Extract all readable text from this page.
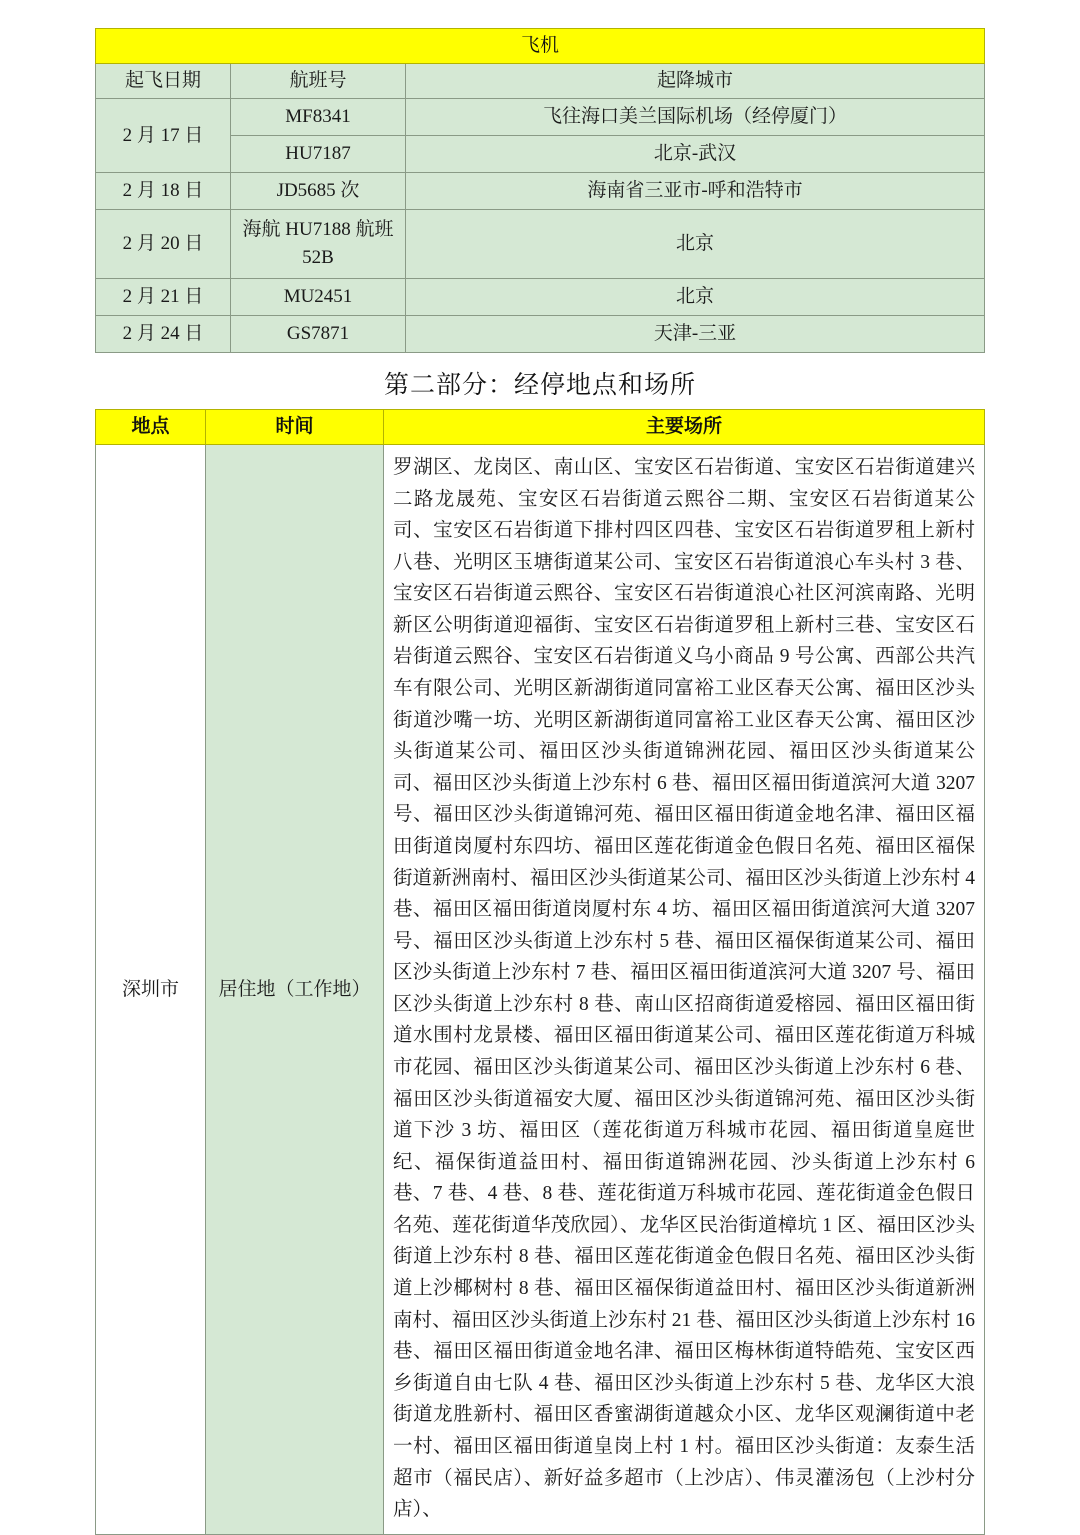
飞机		
起飞日期	航班号	起降城市
2 月 17 日	MF8341	飞往海口美兰国际机场（经停厦门）
	HU7187	北京-武汉
2 月 18 日	JD5685 次	海南省三亚市-呼和浩特市
2 月 20 日	海航 HU7188 航班 52B	北京
2 月 21 日	MU2451	北京
2 月 24 日	GS7871	天津-三亚
第二部分：经停地点和场所
地点	时间	主要场所
深圳市	居住地（工作地）	罗湖区、龙岗区、南山区、宝安区石岩街道、宝安区石岩街道建兴二路龙晟苑、宝安区石岩街道云熙谷二期、宝安区石岩街道某公司、宝安区石岩街道下排村四区四巷、宝安区石岩街道罗租上新村八巷、光明区玉塘街道某公司、宝安区石岩街道浪心车头村 3 巷、宝安区石岩街道云熙谷、宝安区石岩街道浪心社区河滨南路、光明新区公明街道迎福街、宝安区石岩街道罗租上新村三巷、宝安区石岩街道云熙谷、宝安区石岩街道义乌小商品 9 号公寓、西部公共汽车有限公司、光明区新湖街道同富裕工业区春天公寓、福田区沙头街道沙嘴一坊、光明区新湖街道同富裕工业区春天公寓、福田区沙头街道某公司、福田区沙头街道锦洲花园、福田区沙头街道某公司、福田区沙头街道上沙东村 6 巷、福田区福田街道滨河大道 3207 号、福田区沙头街道锦河苑、福田区福田街道金地名津、福田区福田街道岗厦村东四坊、福田区莲花街道金色假日名苑、福田区福保街道新洲南村、福田区沙头街道某公司、福田区沙头街道上沙东村 4 巷、福田区福田街道岗厦村东 4 坊、福田区福田街道滨河大道 3207 号、福田区沙头街道上沙东村 5 巷、福田区福保街道某公司、福田区沙头街道上沙东村 7 巷、福田区福田街道滨河大道 3207 号、福田区沙头街道上沙东村 8 巷、南山区招商街道爱榕园、福田区福田街道水围村龙景楼、福田区福田街道某公司、福田区莲花街道万科城市花园、福田区沙头街道某公司、福田区沙头街道上沙东村 6 巷、福田区沙头街道福安大厦、福田区沙头街道锦河苑、福田区沙头街道下沙 3 坊、福田区（莲花街道万科城市花园、福田街道皇庭世纪、福保街道益田村、福田街道锦洲花园、沙头街道上沙东村 6 巷、7 巷、4 巷、8 巷、莲花街道万科城市花园、莲花街道金色假日名苑、莲花街道华茂欣园）、龙华区民治街道樟坑 1 区、福田区沙头街道上沙东村 8 巷、福田区莲花街道金色假日名苑、福田区沙头街道上沙椰树村 8 巷、福田区福保街道益田村、福田区沙头街道新洲南村、福田区沙头街道上沙东村 21 巷、福田区沙头街道上沙东村 16 巷、福田区福田街道金地名津、福田区梅林街道特皓苑、宝安区西乡街道自由七队 4 巷、福田区沙头街道上沙东村 5 巷、龙华区大浪街道龙胜新村、福田区香蜜湖街道越众小区、龙华区观澜街道中老一村、福田区福田街道皇岗上村 1 村。福田区沙头街道：友泰生活超市（福民店）、新好益多超市（上沙店）、伟灵灌汤包（上沙村分店）、
